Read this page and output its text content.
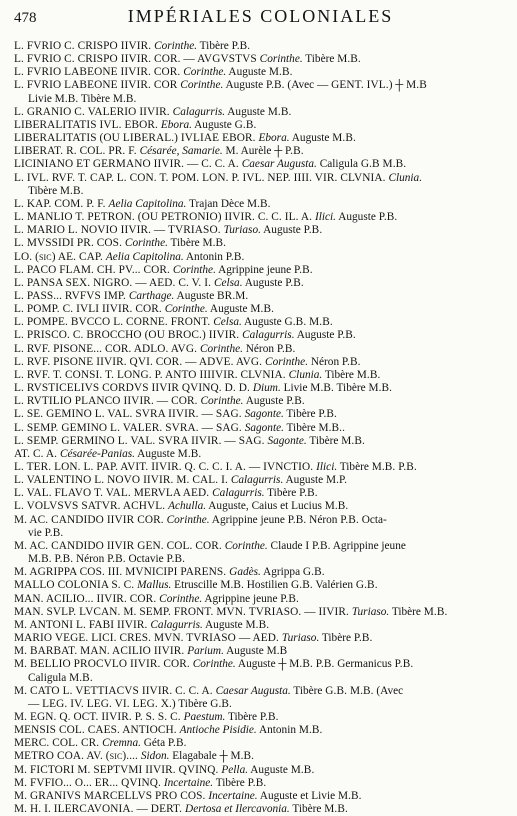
478	IMPÉRIALES COLONIALES
L. FVRIO C. CRISPO IIVIR. Corinthe. Tibère P.B.
L. FVRIO C. CRISPO IIVIR. COR. — AVGVSTVS Corinthe. Tibère M.B.
L. FVRIO LABEONE IIVIR. COR. Corinthe. Auguste M.B.
L. FVRIO LABEONE IIVIR. COR Corinthe. Auguste P.B. (Avec — GENT. IVL.) ┼ M.B
Livie M.B. Tibère M.B.
L. GRANIO C. VALERIO IIVIR. Calagurris. Auguste M.B.
LIBERALITATIS IVL. EBOR. Ebora. Auguste G.B.
LIBERALITATIS (OU LIBERAL.) IVLIAE EBOR. Ebora. Auguste M.B.
LIBERAT. R. COL. PR. F. Césarée, Samarie. M. Aurèle ┼ P.B.
LICINIANO ET GERMANO IIVIR. — C. C. A. Caesar Augusta. Caligula G.B M.B.
L. IVL. RVF. T. CAP. L. CON. T. POM. LON. P. IVL. NEP. IIII. VIR. CLVNIA. Clunia.
Tibère M.B.
L. KAP. COM. P. F. Aelia Capitolina. Trajan Dèce M.B.
L. MANLIO T. PETRON. (OU PETRONIO) IIVIR. C. C. IL. A. Ilici. Auguste P.B.
L. MARIO L. NOVIO IIVIR. — TVRIASO. Turiaso. Auguste P.B.
L. MVSSIDI PR. COS. Corinthe. Tibère M.B.
LO. (sic) AE. CAP. Aelia Capitolina. Antonin P.B.
L. PACO FLAM. CH. PV... COR. Corinthe. Agrippine jeune P.B.
L. PANSA SEX. NIGRO. — AED. C. V. I. Celsa. Auguste P.B.
L. PASS... RVFVS IMP. Carthage. Auguste BR.M.
L. POMP. C. IVLI IIVIR. COR. Corinthe. Auguste M.B.
L. POMPE. BVCCO L. CORNE. FRONT. Celsa. Auguste G.B. M.B.
L. PRISCO. C. BROCCHO (OU BROC.) IIVIR. Calagurris. Auguste P.B.
L. RVF. PISONE... COR. ADLO. AVG. Corinthe. Néron P.B.
L. RVF. PISONE IIVIR. QVI. COR. — ADVE. AVG. Corinthe. Néron P.B.
L. RVF. T. CONSI. T. LONG. P. ANTO IIIIVIR. CLVNIA. Clunia. Tibère M.B.
L. RVSTICELIVS CORDVS IIVIR QVINQ. D. D. Dium. Livie M.B. Tibère M.B.
L. RVTILIO PLANCO IIVIR. — COR. Corinthe. Auguste P.B.
L. SE. GEMINO L. VAL. SVRA IIVIR. — SAG. Sagonte. Tibère P.B.
L. SEMP. GEMINO L. VALER. SVRA. — SAG. Sagonte. Tibère M.B..
L. SEMP. GERMINO L. VAL. SVRA IIVIR. — SAG. Sagonte. Tibère M.B.
AT. C. A. Césarée-Panias. Auguste M.B.
L. TER. LON. L. PAP. AVIT. IIVIR. Q. C. C. I. A. — IVNCTIO. Ilici. Tibère M.B. P.B.
L. VALENTINO L. NOVO IIVIR. M. CAL. I. Calagurris. Auguste M.P.
L. VAL. FLAVO T. VAL. MERVLA AED. Calagurris. Tibère P.B.
L. VOLVSVS SATVR. ACHVL. Achulla. Auguste, Caius et Lucius M.B.
M. AC. CANDIDO IIVIR COR. Corinthe. Agrippine jeune P.B. Néron P.B. Octa-
vie P.B.
M. AC. CANDIDO IIVIR GEN. COL. COR. Corinthe. Claude I P.B. Agrippine jeune
M.B. P.B. Néron P.B. Octavie P.B.
M. AGRIPPA COS. III. MVNICIPI PARENS. Gadès. Agrippa G.B.
MALLO COLONIA S. C. Mallus. Etruscille M.B. Hostilien G.B. Valérien G.B.
MAN. ACILIO... IIVIR. COR. Corinthe. Agrippine jeune P.B.
MAN. SVLP. LVCAN. M. SEMP. FRONT. MVN. TVRIASO. — IIVIR. Turiaso. Tibère M.B.
M. ANTONI L. FABI IIVIR. Calagurris. Auguste M.B.
MARIO VEGE. LICI. CRES. MVN. TVRIASO — AED. Turiaso. Tibère P.B.
M. BARBAT. MAN. ACILIO IIVIR. Parium. Auguste M.B
M. BELLIO PROCVLO IIVIR. COR. Corinthe. Auguste ┼ M.B. P.B. Germanicus P.B.
Caligula M.B.
M. CATO L. VETTIACVS IIVIR. C. C. A. Caesar Augusta. Tibère G.B. M.B. (Avec
— LEG. IV. LEG. VI. LEG. X.) Tibère G.B.
M. EGN. Q. OCT. IIVIR. P. S. S. C. Paestum. Tibère P.B.
MENSIS COL. CAES. ANTIOCH. Antioche Pisidie. Antonin M.B.
MERC. COL. CR. Cremna. Géta P.B.
METRO COA. AV. (sic).... Sidon. Elagabale ┼ M.B.
M. FICTORI M. SEPTVMI IIVIR. QVINQ. Pella. Auguste M.B.
M. FVFIO... O... ER... QVINQ. Incertaine. Tibère P.B.
M. GRANIVS MARCELLVS PRO COS. Incertaine. Auguste et Livie M.B.
M. H. I. ILERCAVONIA. — DERT. Dertosa et Ilercavonia. Tibère M.B.
